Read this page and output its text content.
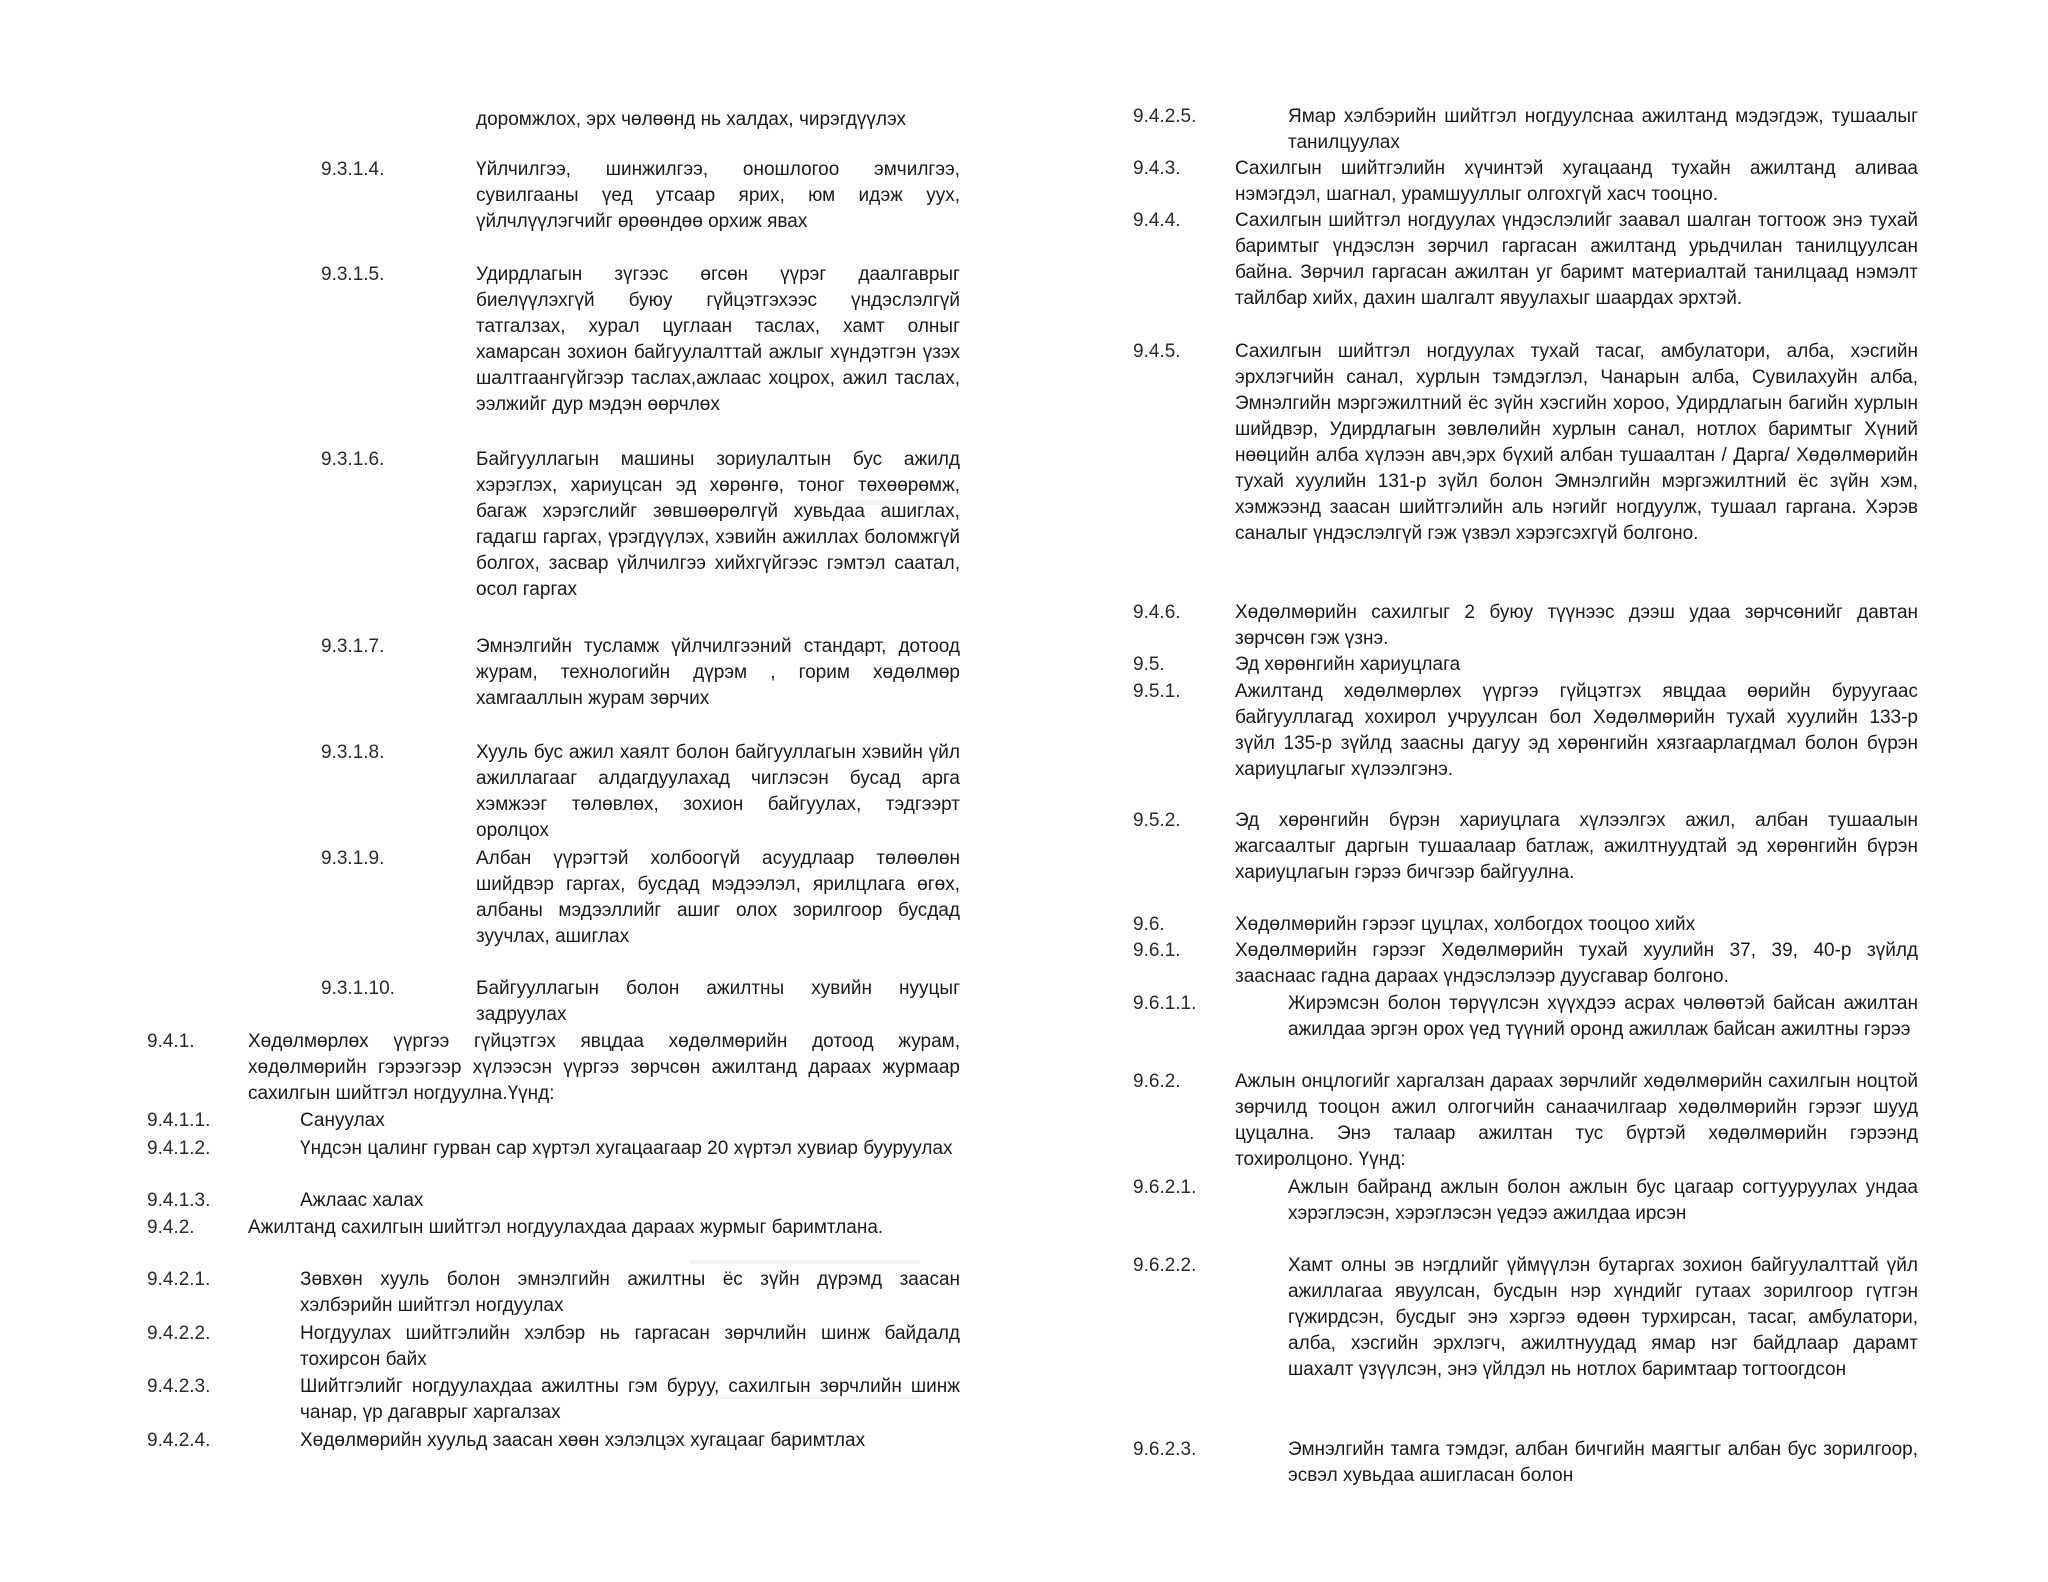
доромжлох, эрх чөлөөнд нь халдах, чирэгдүүлэх
9.3.1.4.	Үйлчилгээ, шинжилгээ, оношлогоо эмчилгээ, сувилгааны үед утсаар ярих, юм идэж уух, үйлчлүүлэгчийг өрөөндөө орхиж явах
9.3.1.5.	Удирдлагын зүгээс өгсөн үүрэг даалгаврыг биелүүлэхгүй буюу гүйцэтгэхээс үндэслэлгүй татгалзах, хурал цуглаан таслах, хамт олныг хамарсан зохион байгуулалттай ажлыг хүндэтгэн үзэх шалтгаангүйгээр таслах,ажлаас хоцрох, ажил таслах, ээлжийг дур мэдэн өөрчлөх
9.3.1.6.	Байгууллагын машины зориулалтын бус ажилд хэрэглэх, хариуцсан эд хөрөнгө, тоног төхөөрөмж, багаж хэрэгслийг зөвшөөрөлгүй хувьдаа ашиглах, гадагш гаргах, үрэгдүүлэх, хэвийн ажиллах боломжгүй болгох, засвар үйлчилгээ хийхгүйгээс гэмтэл саатал, осол гаргах
9.3.1.7.	Эмнэлгийн тусламж үйлчилгээний стандарт, дотоод журам, технологийн дүрэм , горим хөдөлмөр хамгааллын журам зөрчих
9.3.1.8.	Хууль бус ажил хаялт болон байгууллагын хэвийн үйл ажиллагааг алдагдуулахад чиглэсэн бусад арга хэмжээг төлөвлөх, зохион байгуулах, тэдгээрт оролцох
9.3.1.9.	Албан үүрэгтэй холбоогүй асуудлаар төлөөлөн шийдвэр гаргах, бусдад мэдээлэл, ярилцлага өгөх, албаны мэдээллийг ашиг олох зорилгоор бусдад зуучлах, ашиглах
9.3.1.10.	Байгууллагын болон ажилтны хувийн нууцыг задруулах
9.4.1.	Хөдөлмөрлөх үүргээ гүйцэтгэх явцдаа хөдөлмөрийн дотоод журам, хөдөлмөрийн гэрээгээр хүлээсэн үүргээ зөрчсөн ажилтанд дараах журмаар сахилгын шийтгэл ногдуулна.Үүнд:
9.4.1.1.	Сануулах
9.4.1.2.	Үндсэн цалинг гурван сар хүртэл хугацаагаар 20 хүртэл хувиар бууруулах
9.4.1.3.	Ажлаас халах
9.4.2.	Ажилтанд сахилгын шийтгэл ногдуулахдаа дараах журмыг баримтлана.
9.4.2.1.	Зөвхөн хууль болон эмнэлгийн ажилтны ёс зүйн дүрэмд заасан хэлбэрийн шийтгэл ногдуулах
9.4.2.2.	Ногдуулах шийтгэлийн хэлбэр нь гаргасан зөрчлийн шинж байдалд тохирсон байх
9.4.2.3.	Шийтгэлийг ногдуулахдаа ажилтны гэм буруу, сахилгын зөрчлийн шинж чанар, үр дагаврыг харгалзах
9.4.2.4.	Хөдөлмөрийн хуульд заасан хөөн хэлэлцэх хугацааг баримтлах
9.4.2.5.	Ямар хэлбэрийн шийтгэл ногдуулснаа ажилтанд мэдэгдэж, тушаалыг танилцуулах
9.4.3.	Сахилгын шийтгэлийн хүчинтэй хугацаанд тухайн ажилтанд аливаа нэмэгдэл, шагнал, урамшууллыг олгохгүй хасч тооцно.
9.4.4.	Сахилгын шийтгэл ногдуулах үндэслэлийг заавал шалган тогтоож энэ тухай баримтыг үндэслэн зөрчил гаргасан ажилтанд урьдчилан танилцуулсан байна. Зөрчил гаргасан ажилтан уг баримт материалтай танилцаад нэмэлт тайлбар хийх, дахин шалгалт явуулахыг шаардах эрхтэй.
9.4.5.	Сахилгын шийтгэл ногдуулах тухай тасаг, амбулатори, алба, хэсгийн эрхлэгчийн санал, хурлын тэмдэглэл, Чанарын алба, Сувилахуйн алба, Эмнэлгийн мэргэжилтний ёс зүйн хэсгийн хороо, Удирдлагын багийн хурлын шийдвэр, Удирдлагын зөвлөлийн хурлын санал, нотлох баримтыг Хүний нөөцийн алба хүлээн авч,эрх бүхий албан тушаалтан / Дарга/ Хөдөлмөрийн тухай хуулийн 131-р зүйл болон Эмнэлгийн мэргэжилтний ёс зүйн хэм, хэмжээнд заасан шийтгэлийн аль нэгийг ногдуулж, тушаал гаргана. Хэрэв саналыг үндэслэлгүй гэж үзвэл хэрэгсэхгүй болгоно.
9.4.6.	Хөдөлмөрийн сахилгыг 2 буюу түүнээс дээш удаа зөрчсөнийг давтан зөрчсөн гэж үзнэ.
9.5.	Эд хөрөнгийн хариуцлага
9.5.1.	Ажилтанд хөдөлмөрлөх үүргээ гүйцэтгэх явцдаа өөрийн буруугаас байгууллагад хохирол учруулсан бол Хөдөлмөрийн тухай хуулийн 133-р зүйл 135-р зүйлд заасны дагуу эд хөрөнгийн хязгаарлагдмал болон бүрэн хариуцлагыг хүлээлгэнэ.
9.5.2.	Эд хөрөнгийн бүрэн хариуцлага хүлээлгэх ажил, албан тушаалын жагсаалтыг даргын тушаалаар батлаж, ажилтнуудтай эд хөрөнгийн бүрэн хариуцлагын гэрээ бичгээр байгуулна.
9.6.	Хөдөлмөрийн гэрээг цуцлах, холбогдох тооцоо хийх
9.6.1.	Хөдөлмөрийн гэрээг Хөдөлмөрийн тухай хуулийн 37, 39, 40-р зүйлд зааснаас гадна дараах үндэслэлээр дуусгавар болгоно.
9.6.1.1.	Жирэмсэн болон төрүүлсэн хүүхдээ асрах чөлөөтэй байсан ажилтан ажилдаа эргэн орох үед түүний оронд ажиллаж байсан ажилтны гэрээ
9.6.2.	Ажлын онцлогийг харгалзан дараах зөрчлийг хөдөлмөрийн сахилгын ноцтой зөрчилд тооцон ажил олгогчийн санаачилгаар хөдөлмөрийн гэрээг шууд цуцална. Энэ талаар ажилтан тус бүртэй хөдөлмөрийн гэрээнд тохиролцоно. Үүнд:
9.6.2.1.	Ажлын байранд ажлын болон ажлын бус цагаар согтууруулах ундаа хэрэглэсэн, хэрэглэсэн үедээ ажилдаа ирсэн
9.6.2.2.	Хамт олны эв нэгдлийг үймүүлэн бутаргах зохион байгуулалттай үйл ажиллагаа явуулсан, бусдын нэр хүндийг гутаах зорилгоор гүтгэн гүжирдсэн, бусдыг энэ хэргээ өдөөн турхирсан, тасаг, амбулатори, алба, хэсгийн эрхлэгч, ажилтнуудад ямар нэг байдлаар дарамт шахалт үзүүлсэн, энэ үйлдэл нь нотлох баримтаар тогтоогдсон
9.6.2.3.	Эмнэлгийн тамга тэмдэг, албан бичгийн маягтыг албан бус зорилгоор, эсвэл хувьдаа ашигласан болон
